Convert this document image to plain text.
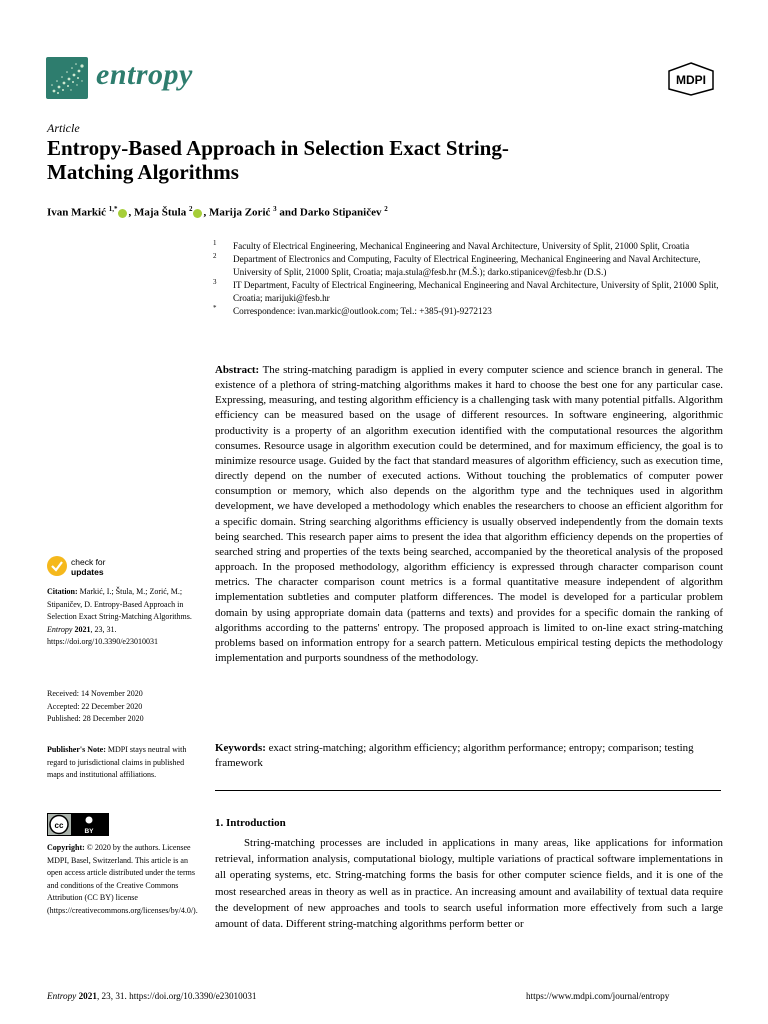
entropy	MDPI
Article
Entropy-Based Approach in Selection Exact String-Matching Algorithms
Ivan Markić $^{1,*}$ , Maja Štula $^2$ , Marija Zorić $^3$ and Darko Stipaničev $^2$
1 Faculty of Electrical Engineering, Mechanical Engineering and Naval Architecture, University of Split, 21000 Split, Croatia
2 Department of Electronics and Computing, Faculty of Electrical Engineering, Mechanical Engineering and Naval Architecture, University of Split, 21000 Split, Croatia; maja.stula@fesb.hr (M.Š.); darko.stipanicev@fesb.hr (D.S.)
3 IT Department, Faculty of Electrical Engineering, Mechanical Engineering and Naval Architecture, University of Split, 21000 Split, Croatia; marijuki@fesb.hr
* Correspondence: ivan.markic@outlook.com; Tel.: +385-(91)-9272123
Abstract: The string-matching paradigm is applied in every computer science and science branch in general. The existence of a plethora of string-matching algorithms makes it hard to choose the best one for any particular case. Expressing, measuring, and testing algorithm efficiency is a challenging task with many potential pitfalls. Algorithm efficiency can be measured based on the usage of different resources. In software engineering, algorithmic productivity is a property of an algorithm execution identified with the computational resources the algorithm consumes. Resource usage in algorithm execution could be determined, and for maximum efficiency, the goal is to minimize resource usage. Guided by the fact that standard measures of algorithm efficiency, such as execution time, directly depend on the number of executed actions. Without touching the problematics of computer power consumption or memory, which also depends on the algorithm type and the techniques used in algorithm development, we have developed a methodology which enables the researchers to choose an efficient algorithm for a specific domain. String searching algorithms efficiency is usually observed independently from the domain texts being searched. This research paper aims to present the idea that algorithm efficiency depends on the properties of searched string and properties of the texts being searched, accompanied by the theoretical analysis of the proposed approach. In the proposed methodology, algorithm efficiency is expressed through character comparison count metrics. The character comparison count metrics is a formal quantitative measure independent of algorithm implementation subtleties and computer platform differences. The model is developed for a particular problem domain by using appropriate domain data (patterns and texts) and provides for a specific domain the ranking of algorithms according to the patterns' entropy. The proposed approach is limited to on-line exact string-matching problems based on information entropy for a search pattern. Meticulous empirical testing depicts the methodology implementation and purports soundness of the methodology.
Keywords: exact string-matching; algorithm efficiency; algorithm performance; entropy; comparison; testing framework
1. Introduction
String-matching processes are included in applications in many areas, like applications for information retrieval, information analysis, computational biology, multiple variations of practical software implementations in all operating systems, etc. String-matching forms the basis for other computer science fields, and it is one of the most researched areas in theory as well as in practice. An increasing amount and availability of textual data require the development of new approaches and tools to search useful information more effectively from such a large amount of data. Different string-matching algorithms perform better or
check for
updates
Citation: Markić, I.; Štula, M.; Zorić, M.; Stipaničev, D. Entropy-Based Approach in Selection Exact String-Matching Algorithms. Entropy 2021, 23, 31. https://doi.org/10.3390/e23010031
Received: 14 November 2020
Accepted: 22 December 2020
Published: 28 December 2020
Publisher's Note: MDPI stays neutral with regard to jurisdictional claims in published maps and institutional affiliations.
cc
BY
Copyright: © 2020 by the authors. Licensee MDPI, Basel, Switzerland. This article is an open access article distributed under the terms and conditions of the Creative Commons Attribution (CC BY) license (https://creativecommons.org/licenses/by/4.0/).
Entropy 2021, 23, 31. https://doi.org/10.3390/e23010031	https://www.mdpi.com/journal/entropy
